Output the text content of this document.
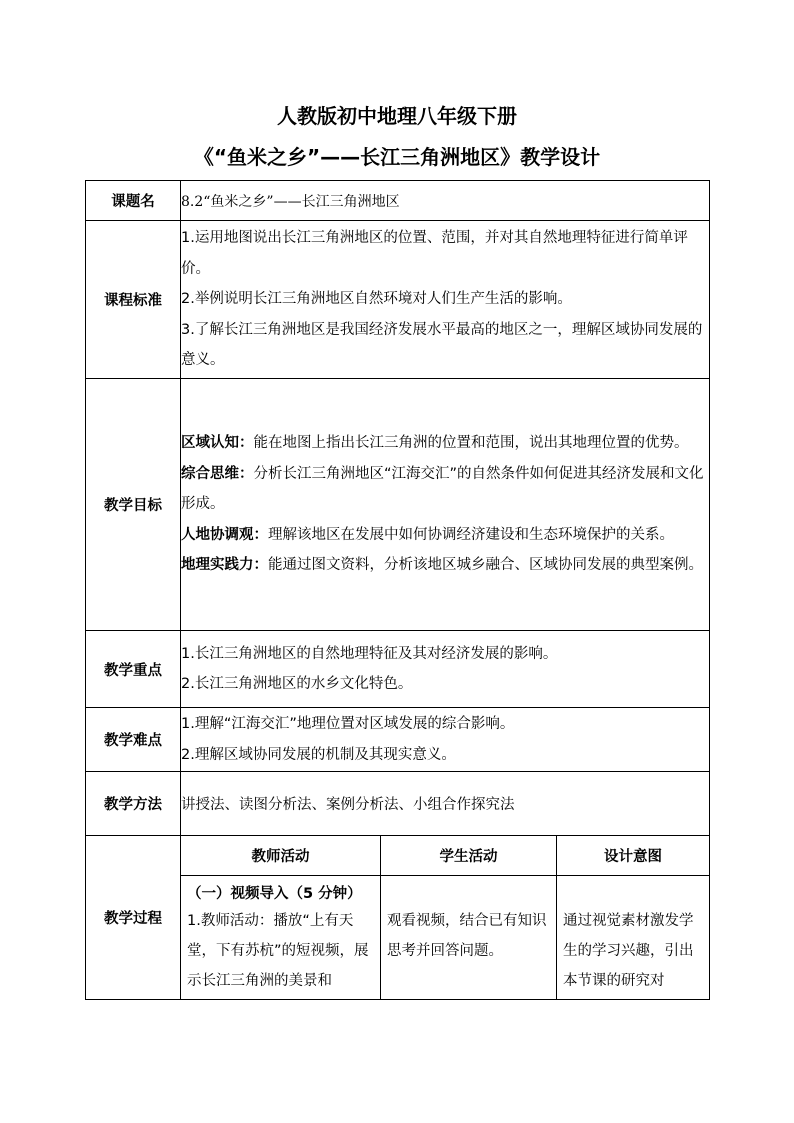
人教版初中地理八年级下册
《“鱼米之乡”——长江三角洲地区》教学设计
课题名	8.2“鱼米之乡”——长江三角洲地区		
课程标准	1.运用地图说出长江三角洲地区的位置、范围，并对其自然地理特征进行简单评价。
2.举例说明长江三角洲地区自然环境对人们生产生活的影响。
3.了解长江三角洲地区是我国经济发展水平最高的地区之一，理解区域协同发展的意义。		

教学目标	区域认知：能在地图上指出长江三角洲的位置和范围，说出其地理位置的优势。
综合思维：分析长江三角洲地区“江海交汇”的自然条件如何促进其经济发展和文化形成。
人地协调观：理解该地区在发展中如何协调经济建设和生态环境保护的关系。
地理实践力：能通过图文资料，分析该地区城乡融合、区域协同发展的典型案例。		

教学重点	1.长江三角洲地区的自然地理特征及其对经济发展的影响。
2.长江三角洲地区的水乡文化特色。		

教学难点	1.理解“江海交汇”地理位置对区域发展的综合影响。
2.理解区域协同发展的机制及其现实意义。		

教学方法	讲授法、读图分析法、案例分析法、小组合作探究法		
教学过程	教师活动	学生活动	设计意图

	（一）视频导入（5 分钟）
1.教师活动：播放“上有天堂，下有苏杭”的短视频，展示长江三角洲的美景和	观看视频，结合已有知识思考并回答问题。	通过视觉素材激发学生的学习兴趣，引出本节课的研究对
